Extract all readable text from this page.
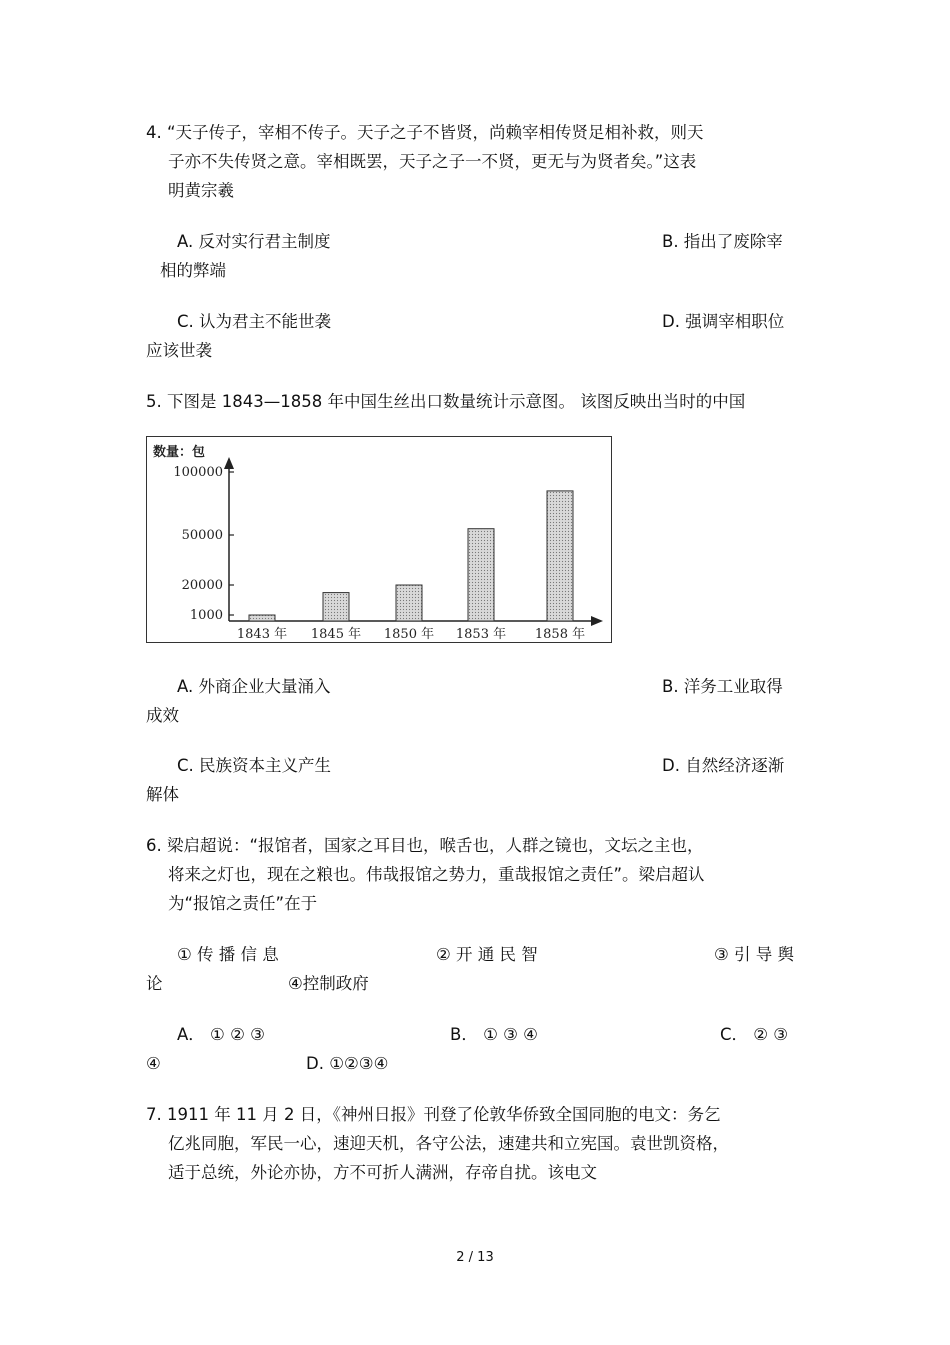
4. “天子传子，宰相不传子。天子之子不皆贤，尚赖宰相传贤足相补救，则天
子亦不失传贤之意。宰相既罢，天子之子一不贤，更无与为贤者矣。”这表
明黄宗羲
A. 反对实行君主制度	B. 指出了废除宰
相的弊端
C. 认为君主不能世袭	D. 强调宰相职位
应该世袭
5. 下图是 1843—1858 年中国生丝出口数量统计示意图。 该图反映出当时的中国
数量：包
1000
20000
50000
100000
1843 年 1845 年 1850 年 1853 年 1858 年
A. 外商企业大量涌入	B. 洋务工业取得
成效
C. 民族资本主义产生	D. 自然经济逐渐
解体
6. 梁启超说：“报馆者，国家之耳目也，喉舌也，人群之镜也，文坛之主也，
将来之灯也，现在之粮也。伟哉报馆之势力，重哉报馆之责任”。梁启超认
为“报馆之责任”在于
① 传 播 信 息	② 开 通 民 智	③ 引 导 舆
论	④控制政府
A． ① ② ③	B． ① ③ ④	C． ② ③
④	D. ①②③④
7. 1911 年 11 月 2 日，《神州日报》刊登了伦敦华侨致全国同胞的电文：务乞
亿兆同胞，军民一心，速迎天机，各守公法，速建共和立宪国。袁世凯资格，
适于总统，外论亦协，方不可折人满洲，存帝自扰。该电文
2 / 13
